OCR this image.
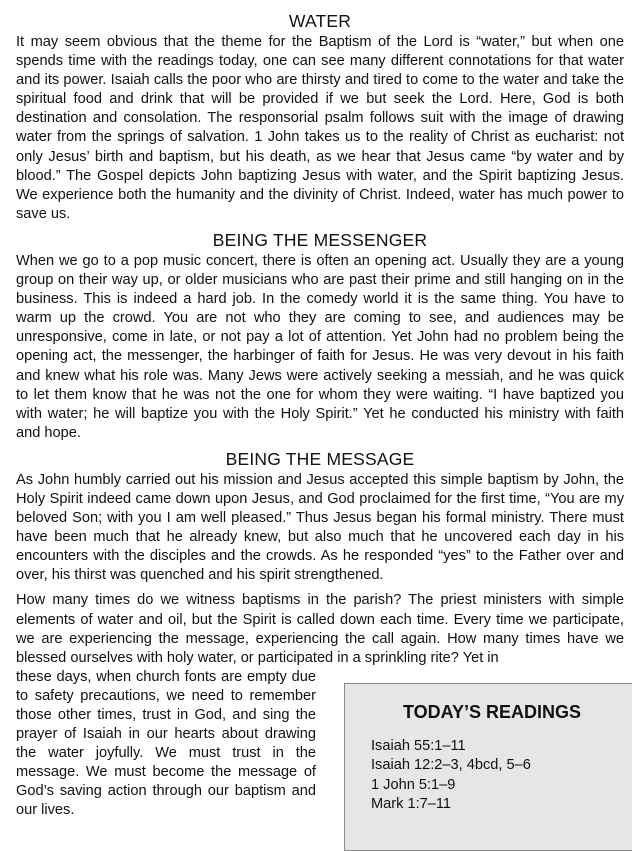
WATER

It may seem obvious that the theme for the Baptism of the Lord is “water,” but when one spends time with the readings today, one can see many different connotations for that water and its power. Isaiah calls the poor who are thirsty and tired to come to the water and take the spiritual food and drink that will be provided if we but seek the Lord. Here, God is both destination and consolation. The responsorial psalm follows suit with the image of drawing water from the springs of salvation. 1 John takes us to the reality of Christ as eucharist: not only Jesus’ birth and baptism, but his death, as we hear that Jesus came “by water and by blood.” The Gospel depicts John baptizing Jesus with water, and the Spirit baptizing Jesus. We experience both the humanity and the divinity of Christ. Indeed, water has much power to save us.

BEING THE MESSENGER

When we go to a pop music concert, there is often an opening act. Usually they are a young group on their way up, or older musicians who are past their prime and still hanging on in the business. This is indeed a hard job. In the comedy world it is the same thing. You have to warm up the crowd. You are not who they are coming to see, and audiences may be unresponsive, come in late, or not pay a lot of attention. Yet John had no problem being the opening act, the messenger, the harbinger of faith for Jesus. He was very devout in his faith and knew what his role was. Many Jews were actively seeking a messiah, and he was quick to let them know that he was not the one for whom they were waiting. “I have baptized you with water; he will baptize you with the Holy Spirit.” Yet he conducted his ministry with faith and hope.

BEING THE MESSAGE

As John humbly carried out his mission and Jesus accepted this simple baptism by John, the Holy Spirit indeed came down upon Jesus, and God proclaimed for the first time, “You are my beloved Son; with you I am well pleased.” Thus Jesus began his formal ministry. There must have been much that he already knew, but also much that he uncovered each day in his encounters with the disciples and the crowds. As he responded “yes” to the Father over and over, his thirst was quenched and his spirit strengthened.

How many times do we witness baptisms in the parish? The priest ministers with simple elements of water and oil, but the Spirit is called down each time. Every time we participate, we are experiencing the message, experiencing the call again. How many times have we blessed ourselves with holy water, or participated in a sprinkling rite? Yet in

these days, when church fonts are empty due to safety precautions, we need to remember those other times, trust in God, and sing the prayer of Isaiah in our hearts about drawing the water joyfully. We must trust in the message. We must become the message of God’s saving action through our baptism and our lives.

TODAY’S READINGS
Isaiah 55:1–11
Isaiah 12:2–3, 4bcd, 5–6
1 John 5:1–9
Mark 1:7–11
